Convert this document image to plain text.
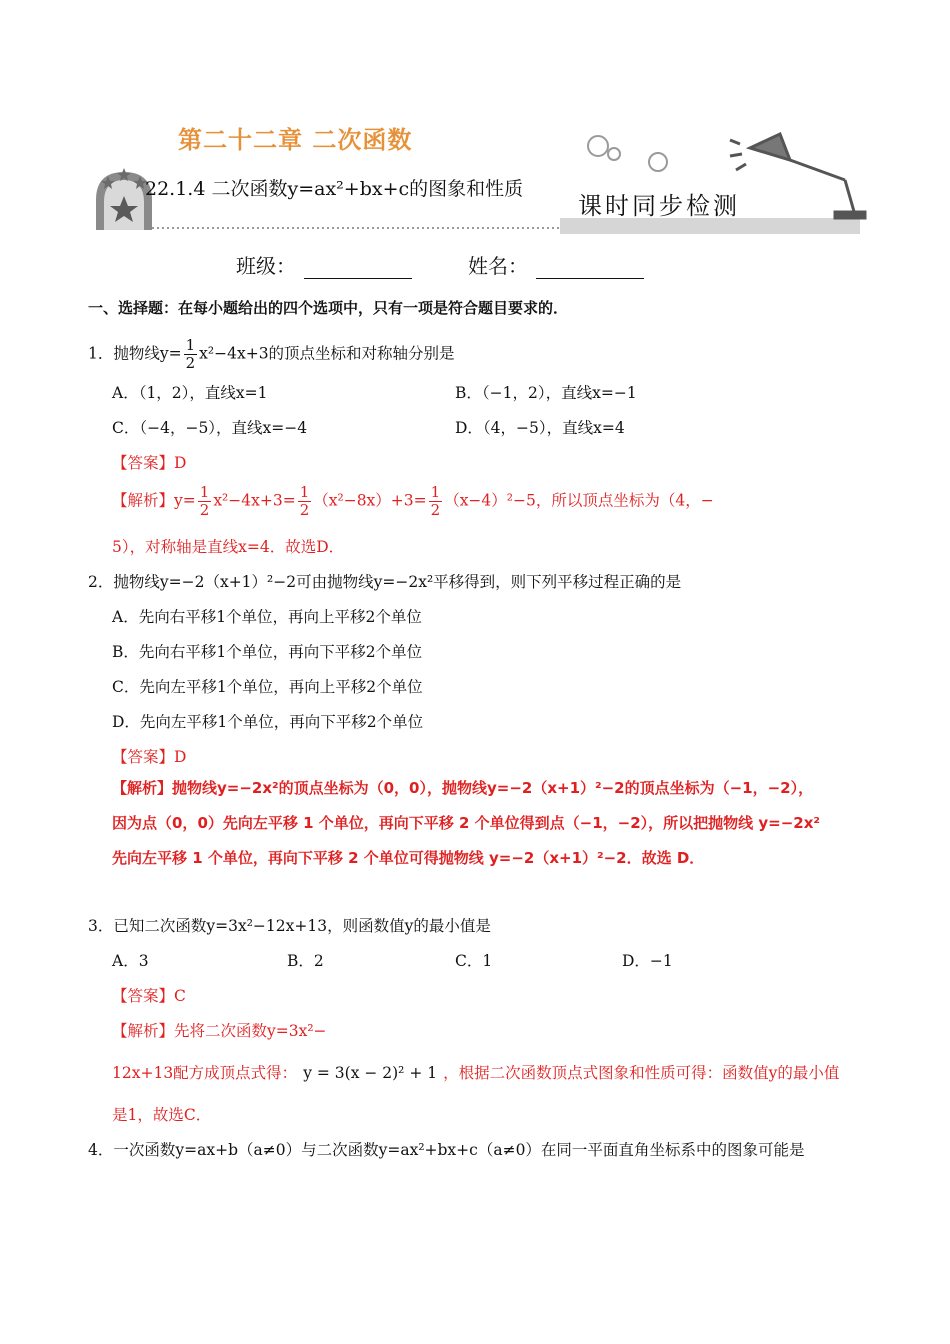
第二十二章 二次函数
22.1.4 二次函数y=ax²+bx+c的图象和性质
课时同步检测
班级：	姓名：
一、选择题：在每小题给出的四个选项中，只有一项是符合题目要求的．
1．抛物线$y= \frac{1}{2} x^2-4x+3$的顶点坐标和对称轴分别是
A．（1，2），直线x=1	B．（−1，2），直线x=−1
C．（−4，−5），直线x=−4	D．（4，−5），直线x=4
【答案】D
【解析】$y= \frac{1}{2} x^2-4x+3= \frac{1}{2} (x^2-8x)+3= \frac{1}{2} (x-4)^2-5$，所以顶点坐标为（4，−
5），对称轴是直线x=4．故选D．
2．抛物线y=−2（x+1）²−2可由抛物线y=−2x²平移得到，则下列平移过程正确的是
A．先向右平移1个单位，再向上平移2个单位
B．先向右平移1个单位，再向下平移2个单位
C．先向左平移1个单位，再向上平移2个单位
D．先向左平移1个单位，再向下平移2个单位
【答案】D
【解析】抛物线y=−2x²的顶点坐标为（0，0），抛物线y=−2（x+1）²−2的顶点坐标为（−1，−2），
因为点（0，0）先向左平移 1 个单位，再向下平移 2 个单位得到点（−1，−2），所以把抛物线 y=−2x²
先向左平移 1 个单位，再向下平移 2 个单位可得抛物线 y=−2（x+1）²−2．故选 D．
3．已知二次函数y=3x²−12x+13，则函数值y的最小值是
A．3	B．2	C．1	D．−1
【答案】C
【解析】先将二次函数y=3x²−
12x+13配方成顶点式得： y = 3(x − 2)² + 1 ，根据二次函数顶点式图象和性质可得：函数值y的最小值
是1，故选C．
4．一次函数y=ax+b（a≠0）与二次函数y=ax²+bx+c（a≠0）在同一平面直角坐标系中的图象可能是
